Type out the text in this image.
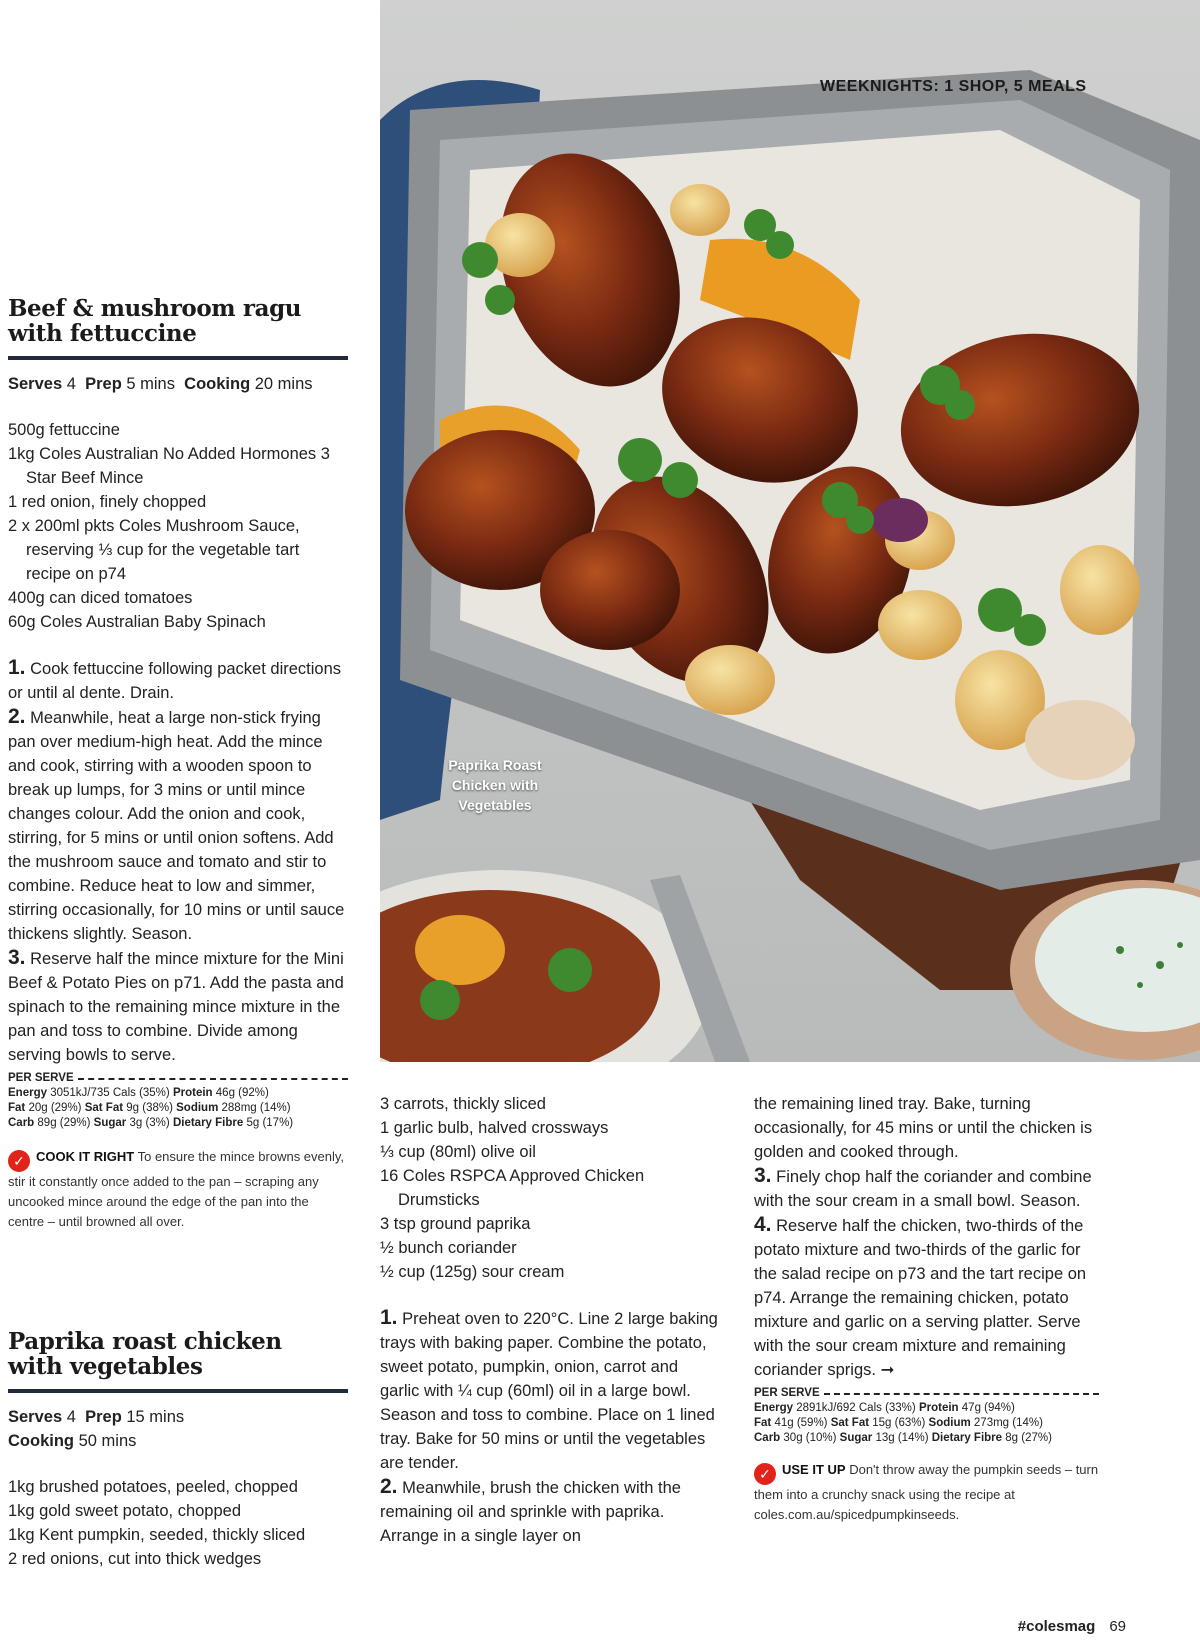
WEEKNIGHTS: 1 SHOP, 5 MEALS
Paprika Roast Chicken with Vegetables
Beef & mushroom ragu
with fettuccine
Serves 4 Prep 5 mins Cooking 20 mins
500g fettuccine
1kg Coles Australian No Added Hormones 3 Star Beef Mince
1 red onion, finely chopped
2 x 200ml pkts Coles Mushroom Sauce, reserving ⅓ cup for the vegetable tart recipe on p74
400g can diced tomatoes
60g Coles Australian Baby Spinach

1. Cook fettuccine following packet directions or until al dente. Drain.

2. Meanwhile, heat a large non-stick frying pan over medium-high heat. Add the mince and cook, stirring with a wooden spoon to break up lumps, for 3 mins or until mince changes colour. Add the onion and cook, stirring, for 5 mins or until onion softens. Add the mushroom sauce and tomato and stir to combine. Reduce heat to low and simmer, stirring occasionally, for 10 mins or until sauce thickens slightly. Season.

3. Reserve half the mince mixture for the Mini Beef & Potato Pies on p71. Add the pasta and spinach to the remaining mince mixture in the pan and toss to combine. Divide among serving bowls to serve.

PER SERVE
Energy 3051kJ/735 Cals (35%) Protein 46g (92%)
Fat 20g (29%) Sat Fat 9g (38%) Sodium 288mg (14%)
Carb 89g (29%) Sugar 3g (3%) Dietary Fibre 5g (17%)
✓ COOK IT RIGHT To ensure the mince browns evenly, stir it constantly once added to the pan – scraping any uncooked mince around the edge of the pan into the centre – until browned all over.
Paprika roast chicken
with vegetables
Serves 4 Prep 15 mins
Cooking 50 mins
1kg brushed potatoes, peeled, chopped
1kg gold sweet potato, chopped
1kg Kent pumpkin, seeded, thickly sliced
2 red onions, cut into thick wedges
3 carrots, thickly sliced
1 garlic bulb, halved crossways
⅓ cup (80ml) olive oil
16 Coles RSPCA Approved Chicken Drumsticks
3 tsp ground paprika
½ bunch coriander
½ cup (125g) sour cream

1. Preheat oven to 220°C. Line 2 large baking trays with baking paper. Combine the potato, sweet potato, pumpkin, onion, carrot and garlic with ¼ cup (60ml) oil in a large bowl. Season and toss to combine. Place on 1 lined tray. Bake for 50 mins or until the vegetables are tender.

2. Meanwhile, brush the chicken with the remaining oil and sprinkle with paprika. Arrange in a single layer on

the remaining lined tray. Bake, turning occasionally, for 45 mins or until the chicken is golden and cooked through.

3. Finely chop half the coriander and combine with the sour cream in a small bowl. Season.

4. Reserve half the chicken, two-thirds of the potato mixture and two-thirds of the garlic for the salad recipe on p73 and the tart recipe on p74. Arrange the remaining chicken, potato mixture and garlic on a serving platter. Serve with the sour cream mixture and remaining coriander sprigs. ➞

PER SERVE
Energy 2891kJ/692 Cals (33%) Protein 47g (94%)
Fat 41g (59%) Sat Fat 15g (63%) Sodium 273mg (14%)
Carb 30g (10%) Sugar 13g (14%) Dietary Fibre 8g (27%)
✓ USE IT UP Don't throw away the pumpkin seeds – turn them into a crunchy snack using the recipe at coles.com.au/spicedpumpkinseeds.
#colesmag 69
